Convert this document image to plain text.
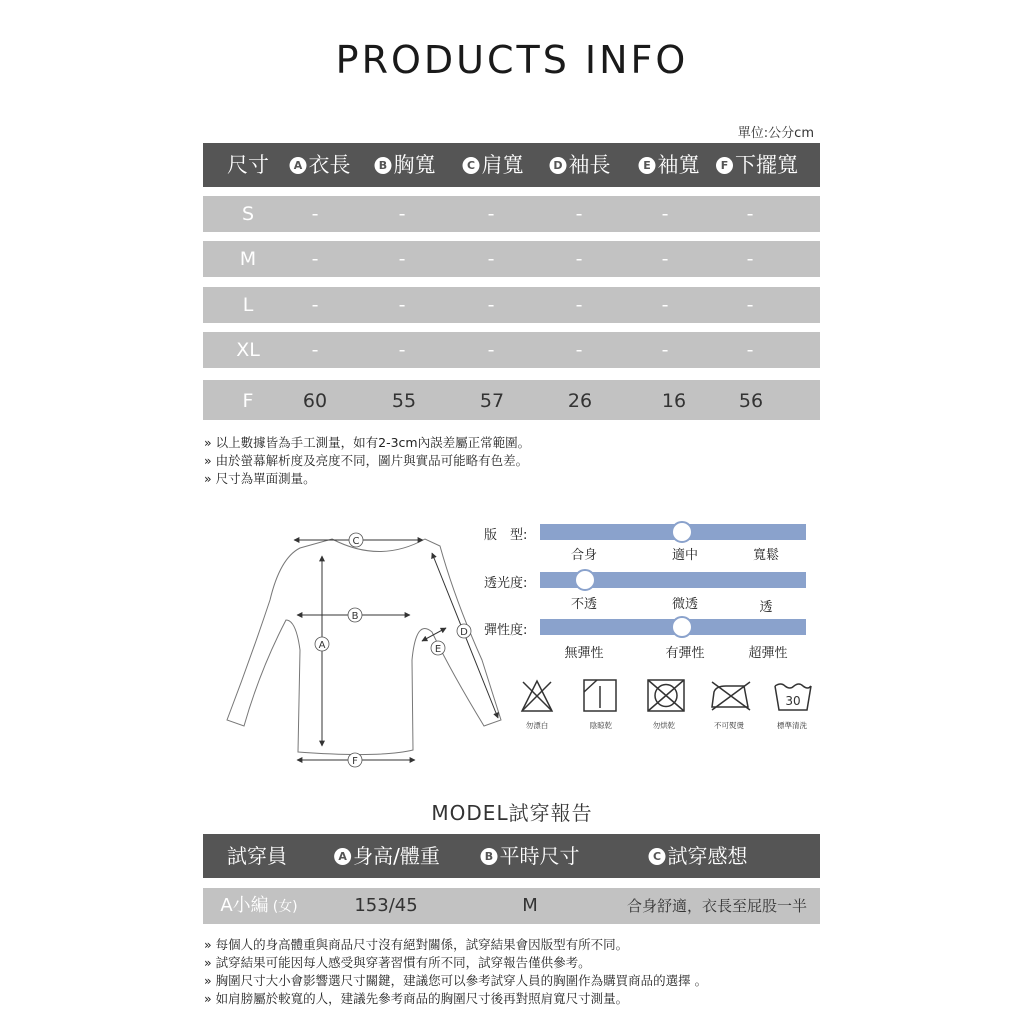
PRODUCTS INFO
單位:公分cm
尺寸	A 衣長	B 胸寬	C 肩寬	D 袖長	E 袖寬	F 下擺寬
S	-	-	-	-	-	-
M	-	-	-	-	-	-
L	-	-	-	-	-	-
XL	-	-	-	-	-	-
F	60	55	57	26	16	56
» 以上數據皆為手工測量，如有2-3cm內誤差屬正常範圍。
» 由於螢幕解析度及亮度不同，圖片與實品可能略有色差。
» 尺寸為單面測量。
C
B
A
D
E
F
版　型:
合身	適中	寬鬆
透光度:
不透	微透	透
彈性度:
無彈性	有彈性	超彈性
30
勿漂白	陰晾乾	勿烘乾	不可熨燙	標準清洗
MODEL試穿報告
試穿員	A 身高/體重	B 平時尺寸	C 試穿感想
A小編 (女)	153/45	M	合身舒適，衣長至屁股一半
» 每個人的身高體重與商品尺寸沒有絕對關係，試穿結果會因版型有所不同。
» 試穿結果可能因每人感受與穿著習慣有所不同，試穿報告僅供參考。
» 胸圍尺寸大小會影響選尺寸關鍵，建議您可以參考試穿人員的胸圍作為購買商品的選擇 。
» 如肩膀屬於較寬的人，建議先參考商品的胸圍尺寸後再對照肩寬尺寸測量。
